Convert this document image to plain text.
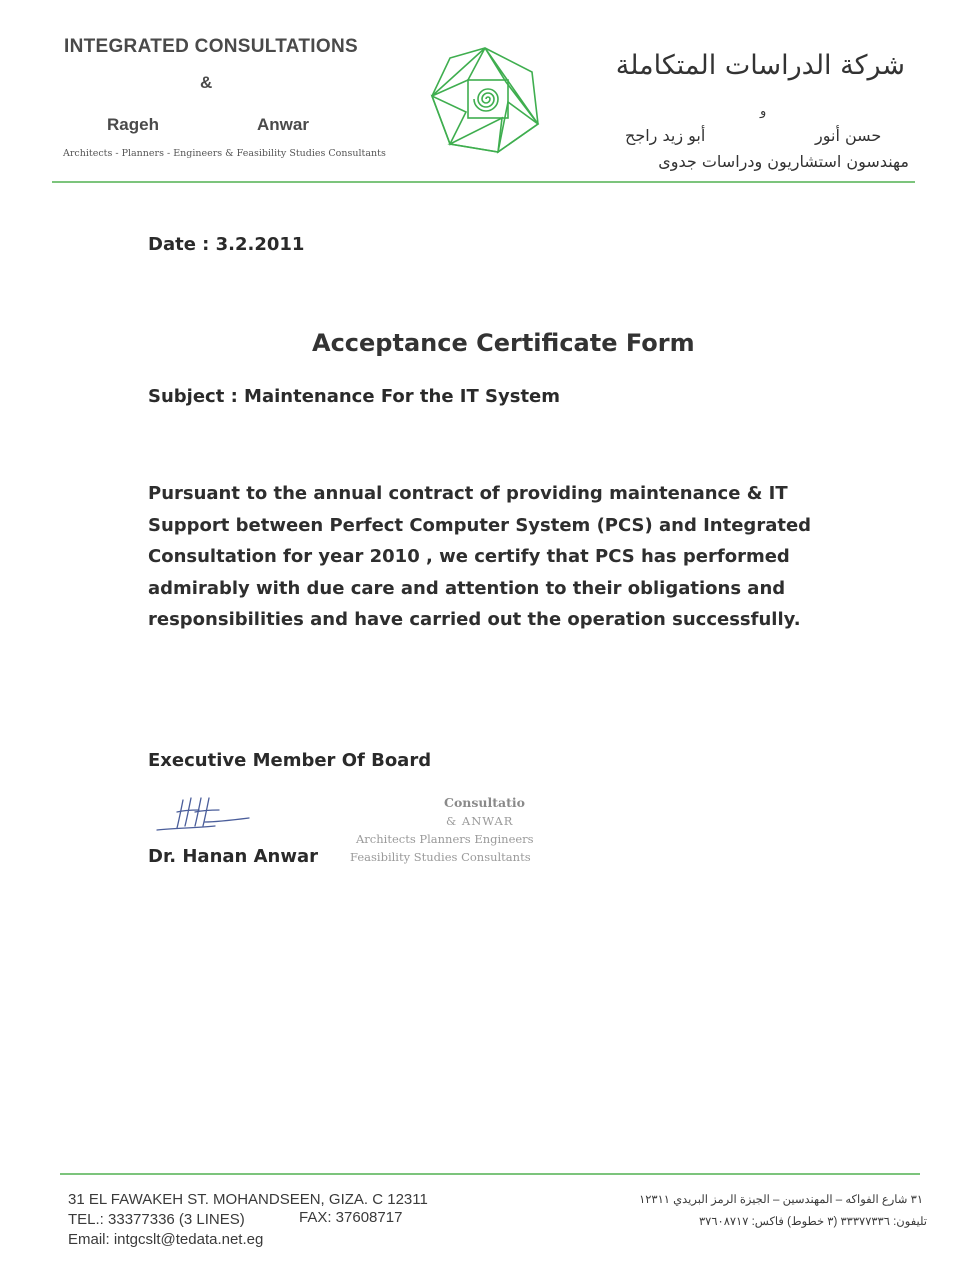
INTEGRATED CONSULTATIONS
&
Rageh	Anwar
Architects - Planners - Engineers & Feasibility Studies Consultants
شركة الدراسات المتكاملة
و
حسن أنور
أبو زيد راجح
مهندسون استشاريون ودراسات جدوى
Date : 3.2.2011
Acceptance Certificate Form
Subject : Maintenance For the IT System
Pursuant to the annual contract of providing maintenance & IT Support between Perfect Computer System (PCS) and Integrated Consultation for year 2010 , we certify that PCS has performed admirably with due care and attention to their obligations and responsibilities and have carried out the operation successfully.
Executive Member Of Board
Consultatio
& ANWAR
Architects Planners Engineers
Feasibility Studies Consultants
Dr. Hanan Anwar
31 EL FAWAKEH ST. MOHANDSEEN, GIZA. C 12311
TEL.: 33377336 (3 LINES)	FAX: 37608717
Email: intgcslt@tedata.net.eg
٣١ شارع الفواكه – المهندسين – الجيزة الرمز البريدي ١٢٣١١
تليفون: ٣٣٣٧٧٣٣٦ (٣ خطوط) فاكس: ٣٧٦٠٨٧١٧
